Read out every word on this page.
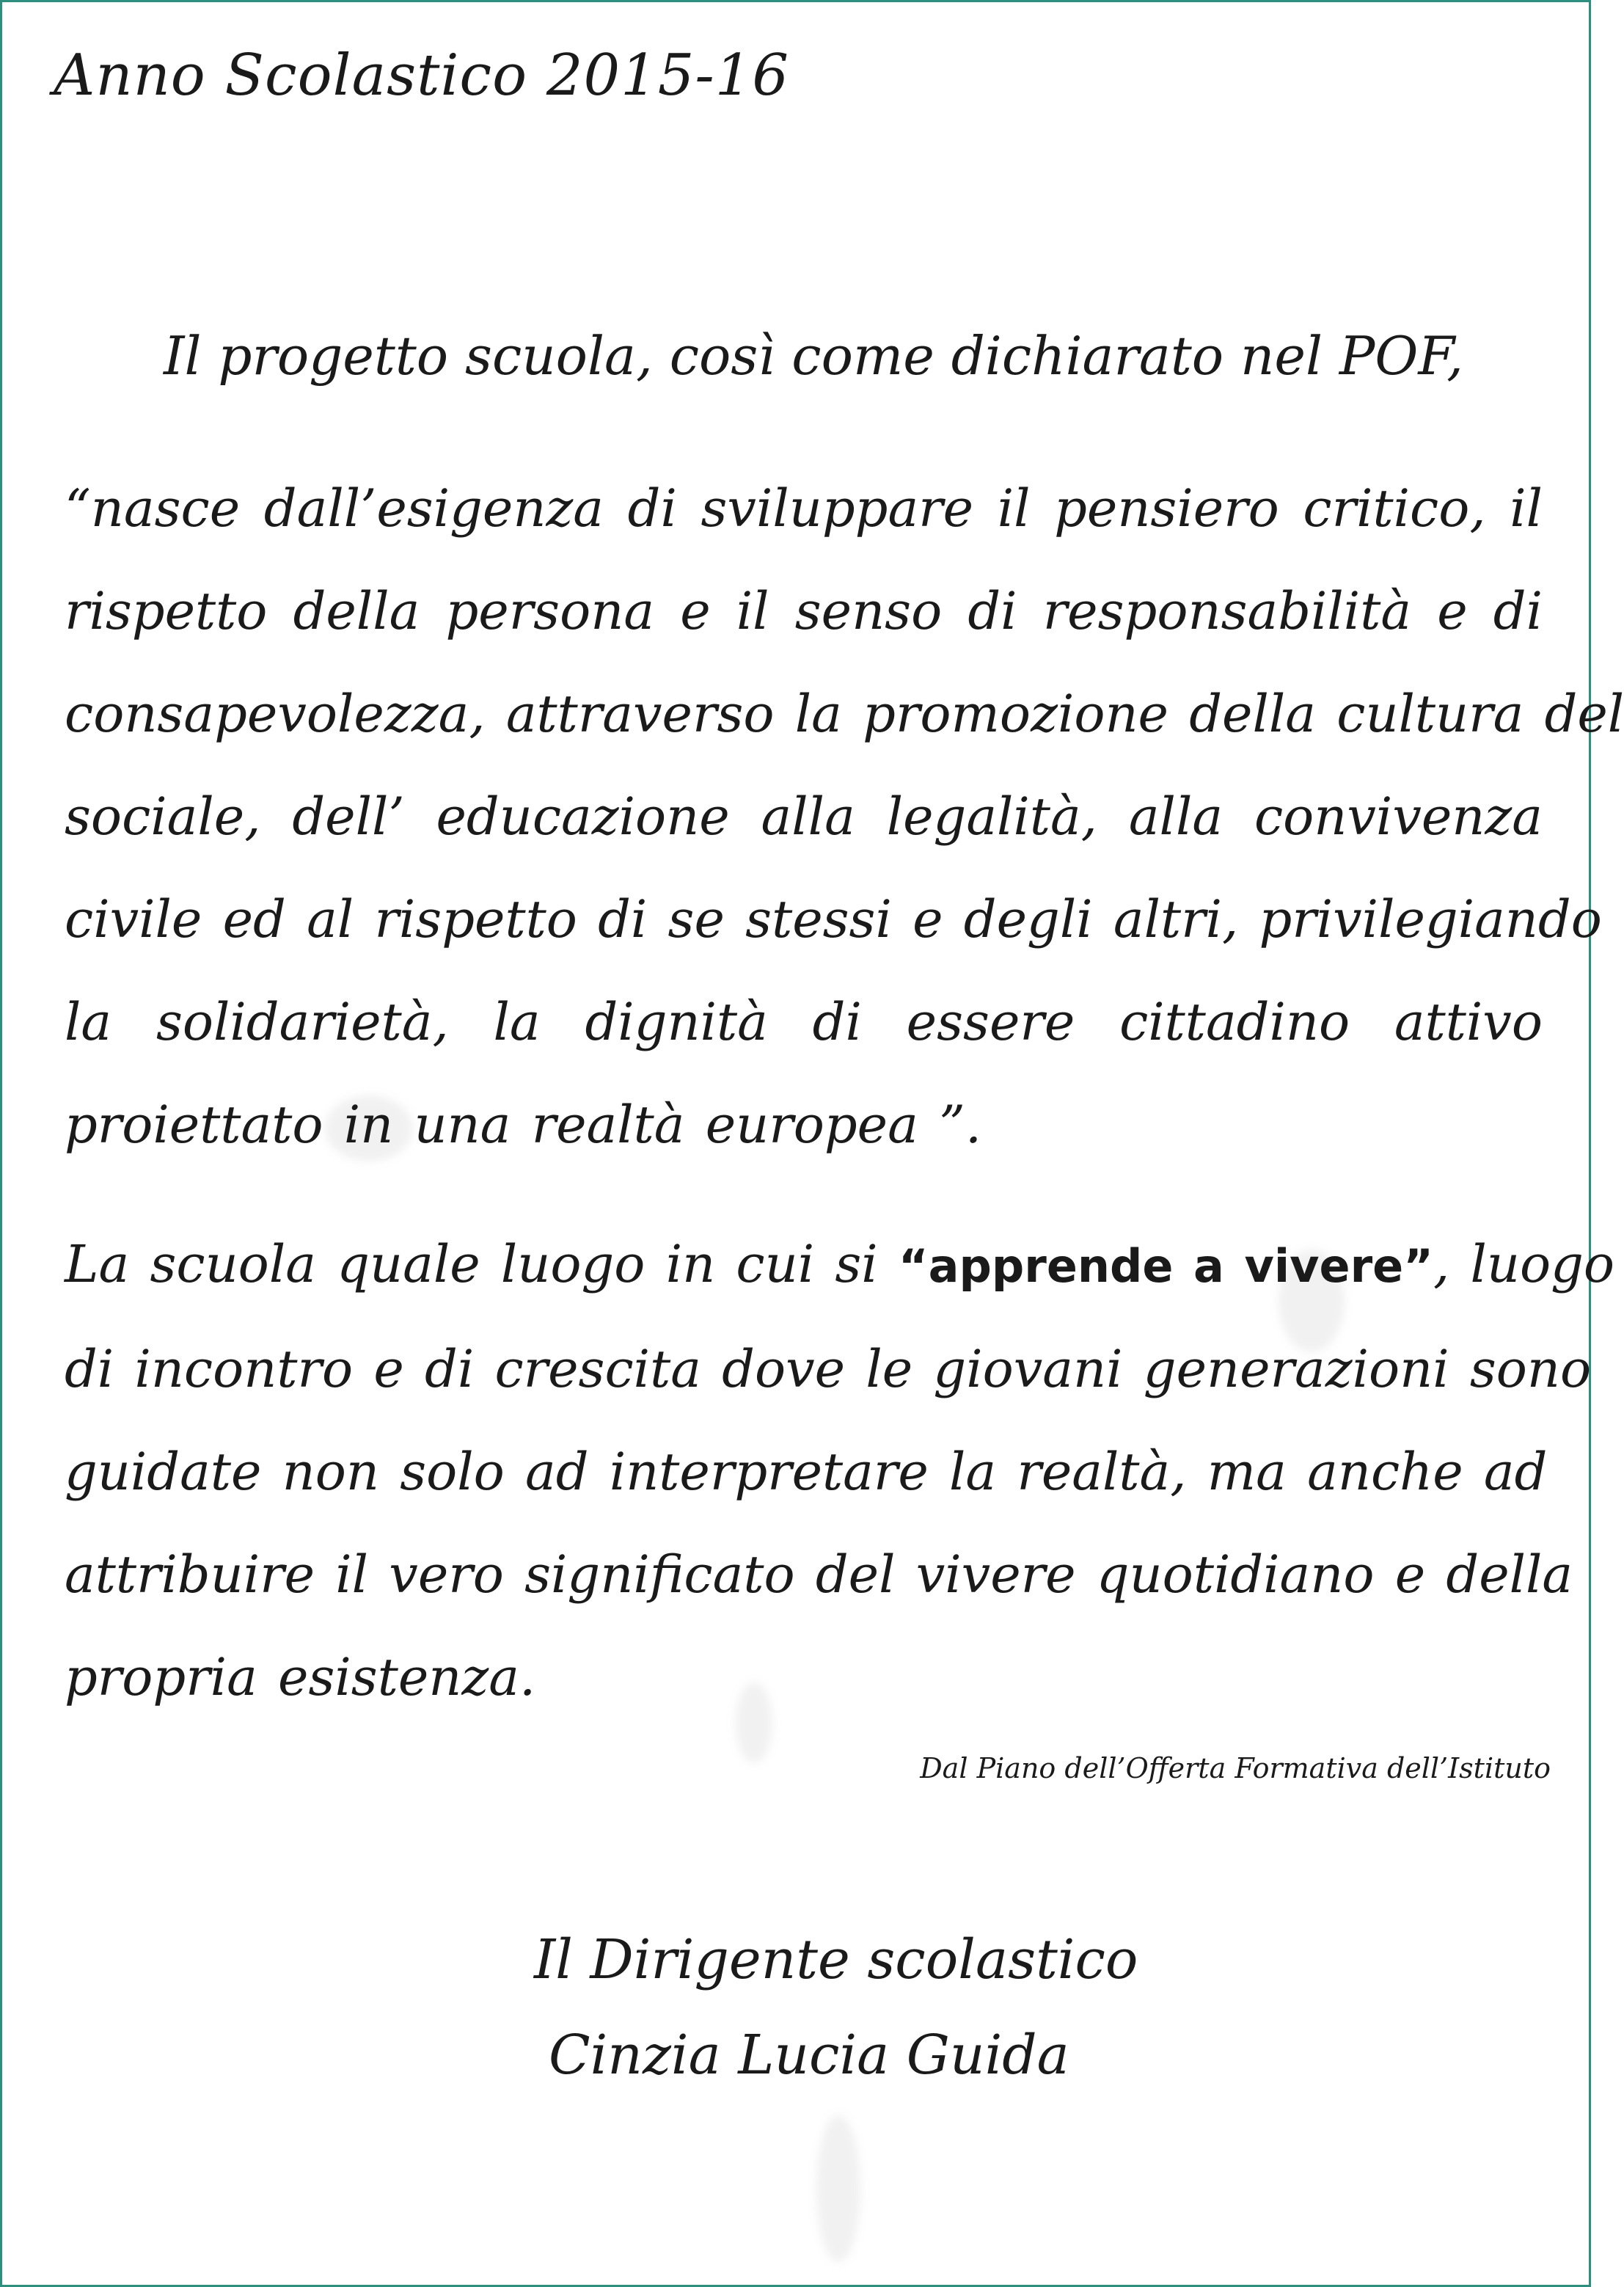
Anno Scolastico 2015-16
Il progetto scuola, così come dichiarato nel POF,
“nasce dall’esigenza di sviluppare il pensiero critico, il
rispetto della persona e il senso di responsabilità e di
consapevolezza, attraverso la promozione della cultura del
sociale, dell’ educazione alla legalità, alla convivenza
civile ed al rispetto di se stessi e degli altri, privilegiando
la solidarietà, la dignità di essere cittadino attivo
proiettato in una realtà europea ”.
La scuola quale luogo in cui si “apprende a vivere”, luogo
di incontro e di crescita dove le giovani generazioni sono
guidate non solo ad interpretare la realtà, ma anche ad
attribuire il vero significato del vivere quotidiano e della
propria esistenza.
Dal Piano dell’Offerta Formativa dell’Istituto
Il Dirigente scolastico
Cinzia Lucia Guida
